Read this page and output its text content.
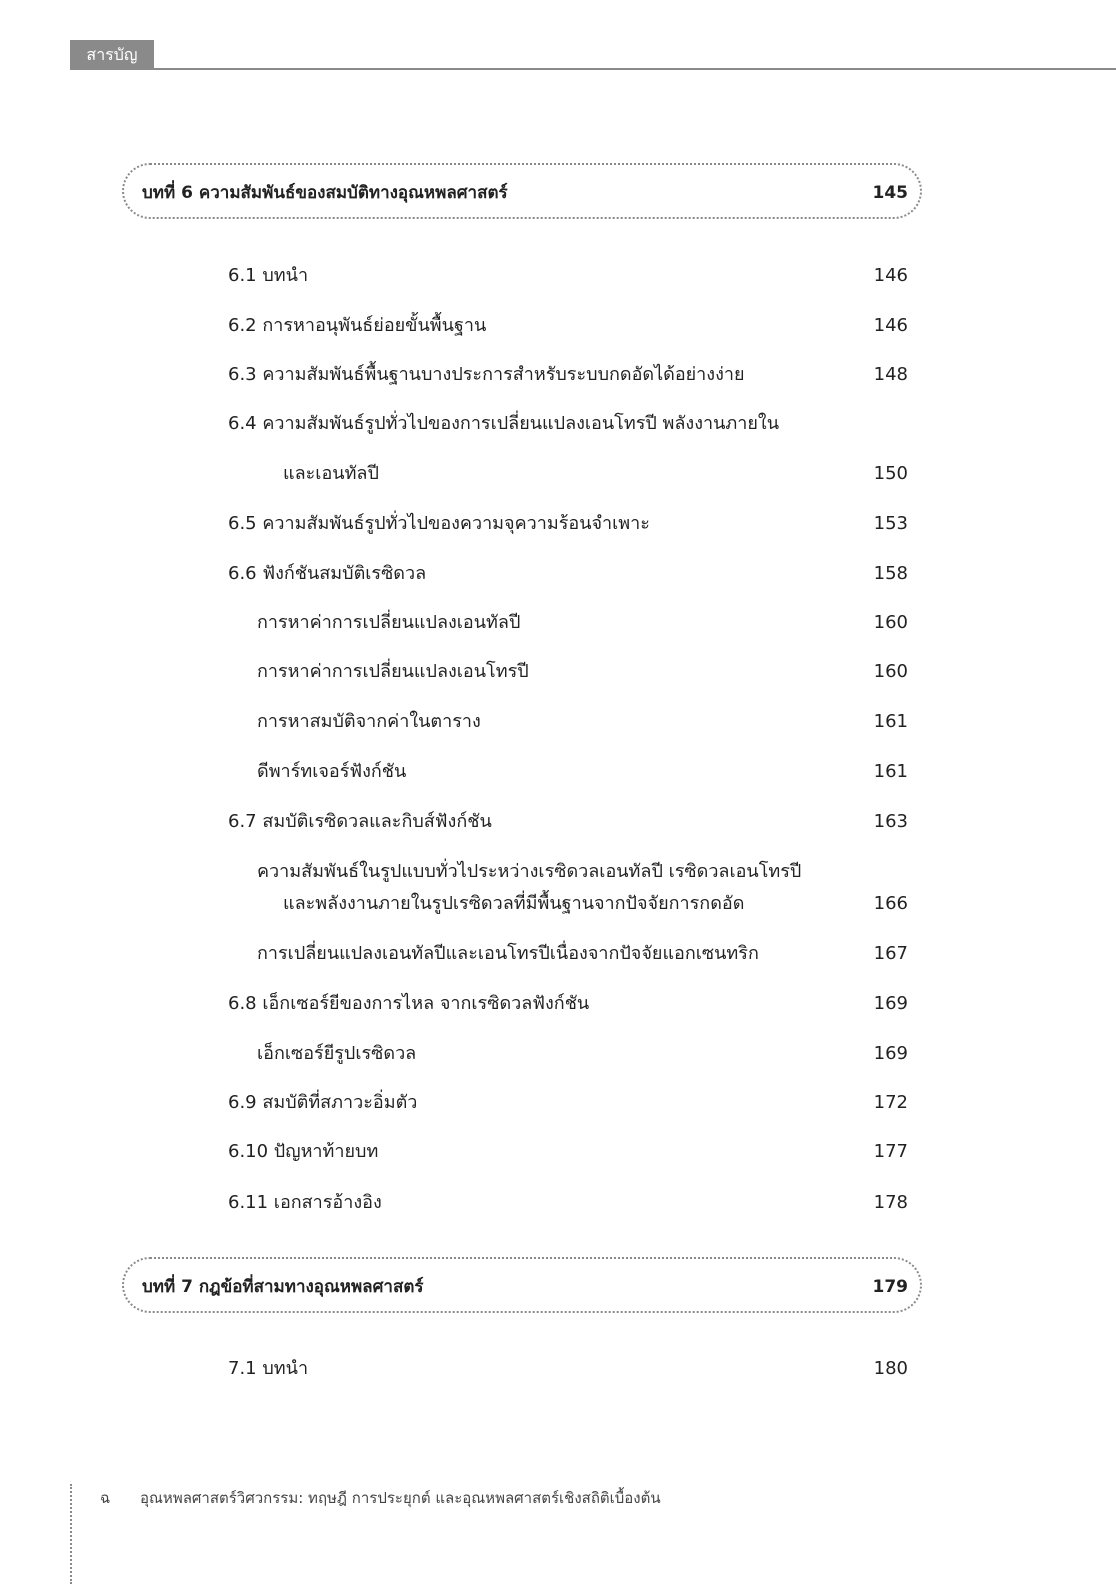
สารบัญ
บทที่ 6 ความสัมพันธ์ของสมบัติทางอุณหพลศาสตร์	145
6.1 บทนำ	146
6.2 การหาอนุพันธ์ย่อยขั้นพื้นฐาน	146
6.3 ความสัมพันธ์พื้นฐานบางประการสำหรับระบบกดอัดได้อย่างง่าย	148
6.4 ความสัมพันธ์รูปทั่วไปของการเปลี่ยนแปลงเอนโทรปี พลังงานภายใน
และเอนทัลปี	150
6.5 ความสัมพันธ์รูปทั่วไปของความจุความร้อนจำเพาะ	153
6.6 ฟังก์ชันสมบัติเรซิดวล	158
การหาค่าการเปลี่ยนแปลงเอนทัลปี	160
การหาค่าการเปลี่ยนแปลงเอนโทรปี	160
การหาสมบัติจากค่าในตาราง	161
ดีพาร์ทเจอร์ฟังก์ชัน	161
6.7 สมบัติเรซิดวลและกิบส์ฟังก์ชัน	163
ความสัมพันธ์ในรูปแบบทั่วไประหว่างเรซิดวลเอนทัลปี เรซิดวลเอนโทรปี
และพลังงานภายในรูปเรซิดวลที่มีพื้นฐานจากปัจจัยการกดอัด	166
การเปลี่ยนแปลงเอนทัลปีและเอนโทรปีเนื่องจากปัจจัยแอกเซนทริก	167
6.8 เอ็กเซอร์ยีของการไหล จากเรซิดวลฟังก์ชัน	169
เอ็กเซอร์ยีรูปเรซิดวล	169
6.9 สมบัติที่สภาวะอิ่มตัว	172
6.10 ปัญหาท้ายบท	177
6.11 เอกสารอ้างอิง	178
บทที่ 7 กฎข้อที่สามทางอุณหพลศาสตร์	179
7.1 บทนำ	180
ฉ อุณหพลศาสตร์วิศวกรรม: ทฤษฎี การประยุกต์ และอุณหพลศาสตร์เชิงสถิติเบื้องต้น
